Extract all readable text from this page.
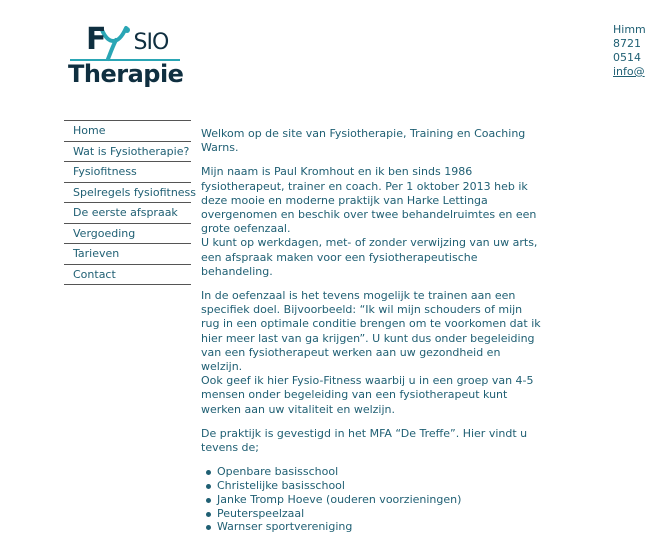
F SIO
Therapie
Himm
8721
0514
info@
Home
Wat is Fysiotherapie?
Fysiofitness
Spelregels fysiofitness
De eerste afspraak
Vergoeding
Tarieven
Contact

Welkom op de site van Fysiotherapie, Training en Coaching Warns.

Mijn naam is Paul Kromhout en ik ben sinds 1986 fysiotherapeut, trainer en coach. Per 1 oktober 2013 heb ik deze mooie en moderne praktijk van Harke Lettinga overgenomen en beschik over twee behandelruimtes en een grote oefenzaal.
U kunt op werkdagen, met- of zonder verwijzing van uw arts, een afspraak maken voor een fysiotherapeutische behandeling.

In de oefenzaal is het tevens mogelijk te trainen aan een specifiek doel. Bijvoorbeeld: “Ik wil mijn schouders of mijn rug in een optimale conditie brengen om te voorkomen dat ik hier meer last van ga krijgen”. U kunt dus onder begeleiding van een fysiotherapeut werken aan uw gezondheid en welzijn.
Ook geef ik hier Fysio-Fitness waarbij u in een groep van 4-5 mensen onder begeleiding van een fysiotherapeut kunt werken aan uw vitaliteit en welzijn.

De praktijk is gevestigd in het MFA “De Treffe”. Hier vindt u tevens de;

Openbare basisschool
Christelijke basisschool
Janke Tromp Hoeve (ouderen voorzieningen)
Peuterspeelzaal
Warnser sportvereniging
